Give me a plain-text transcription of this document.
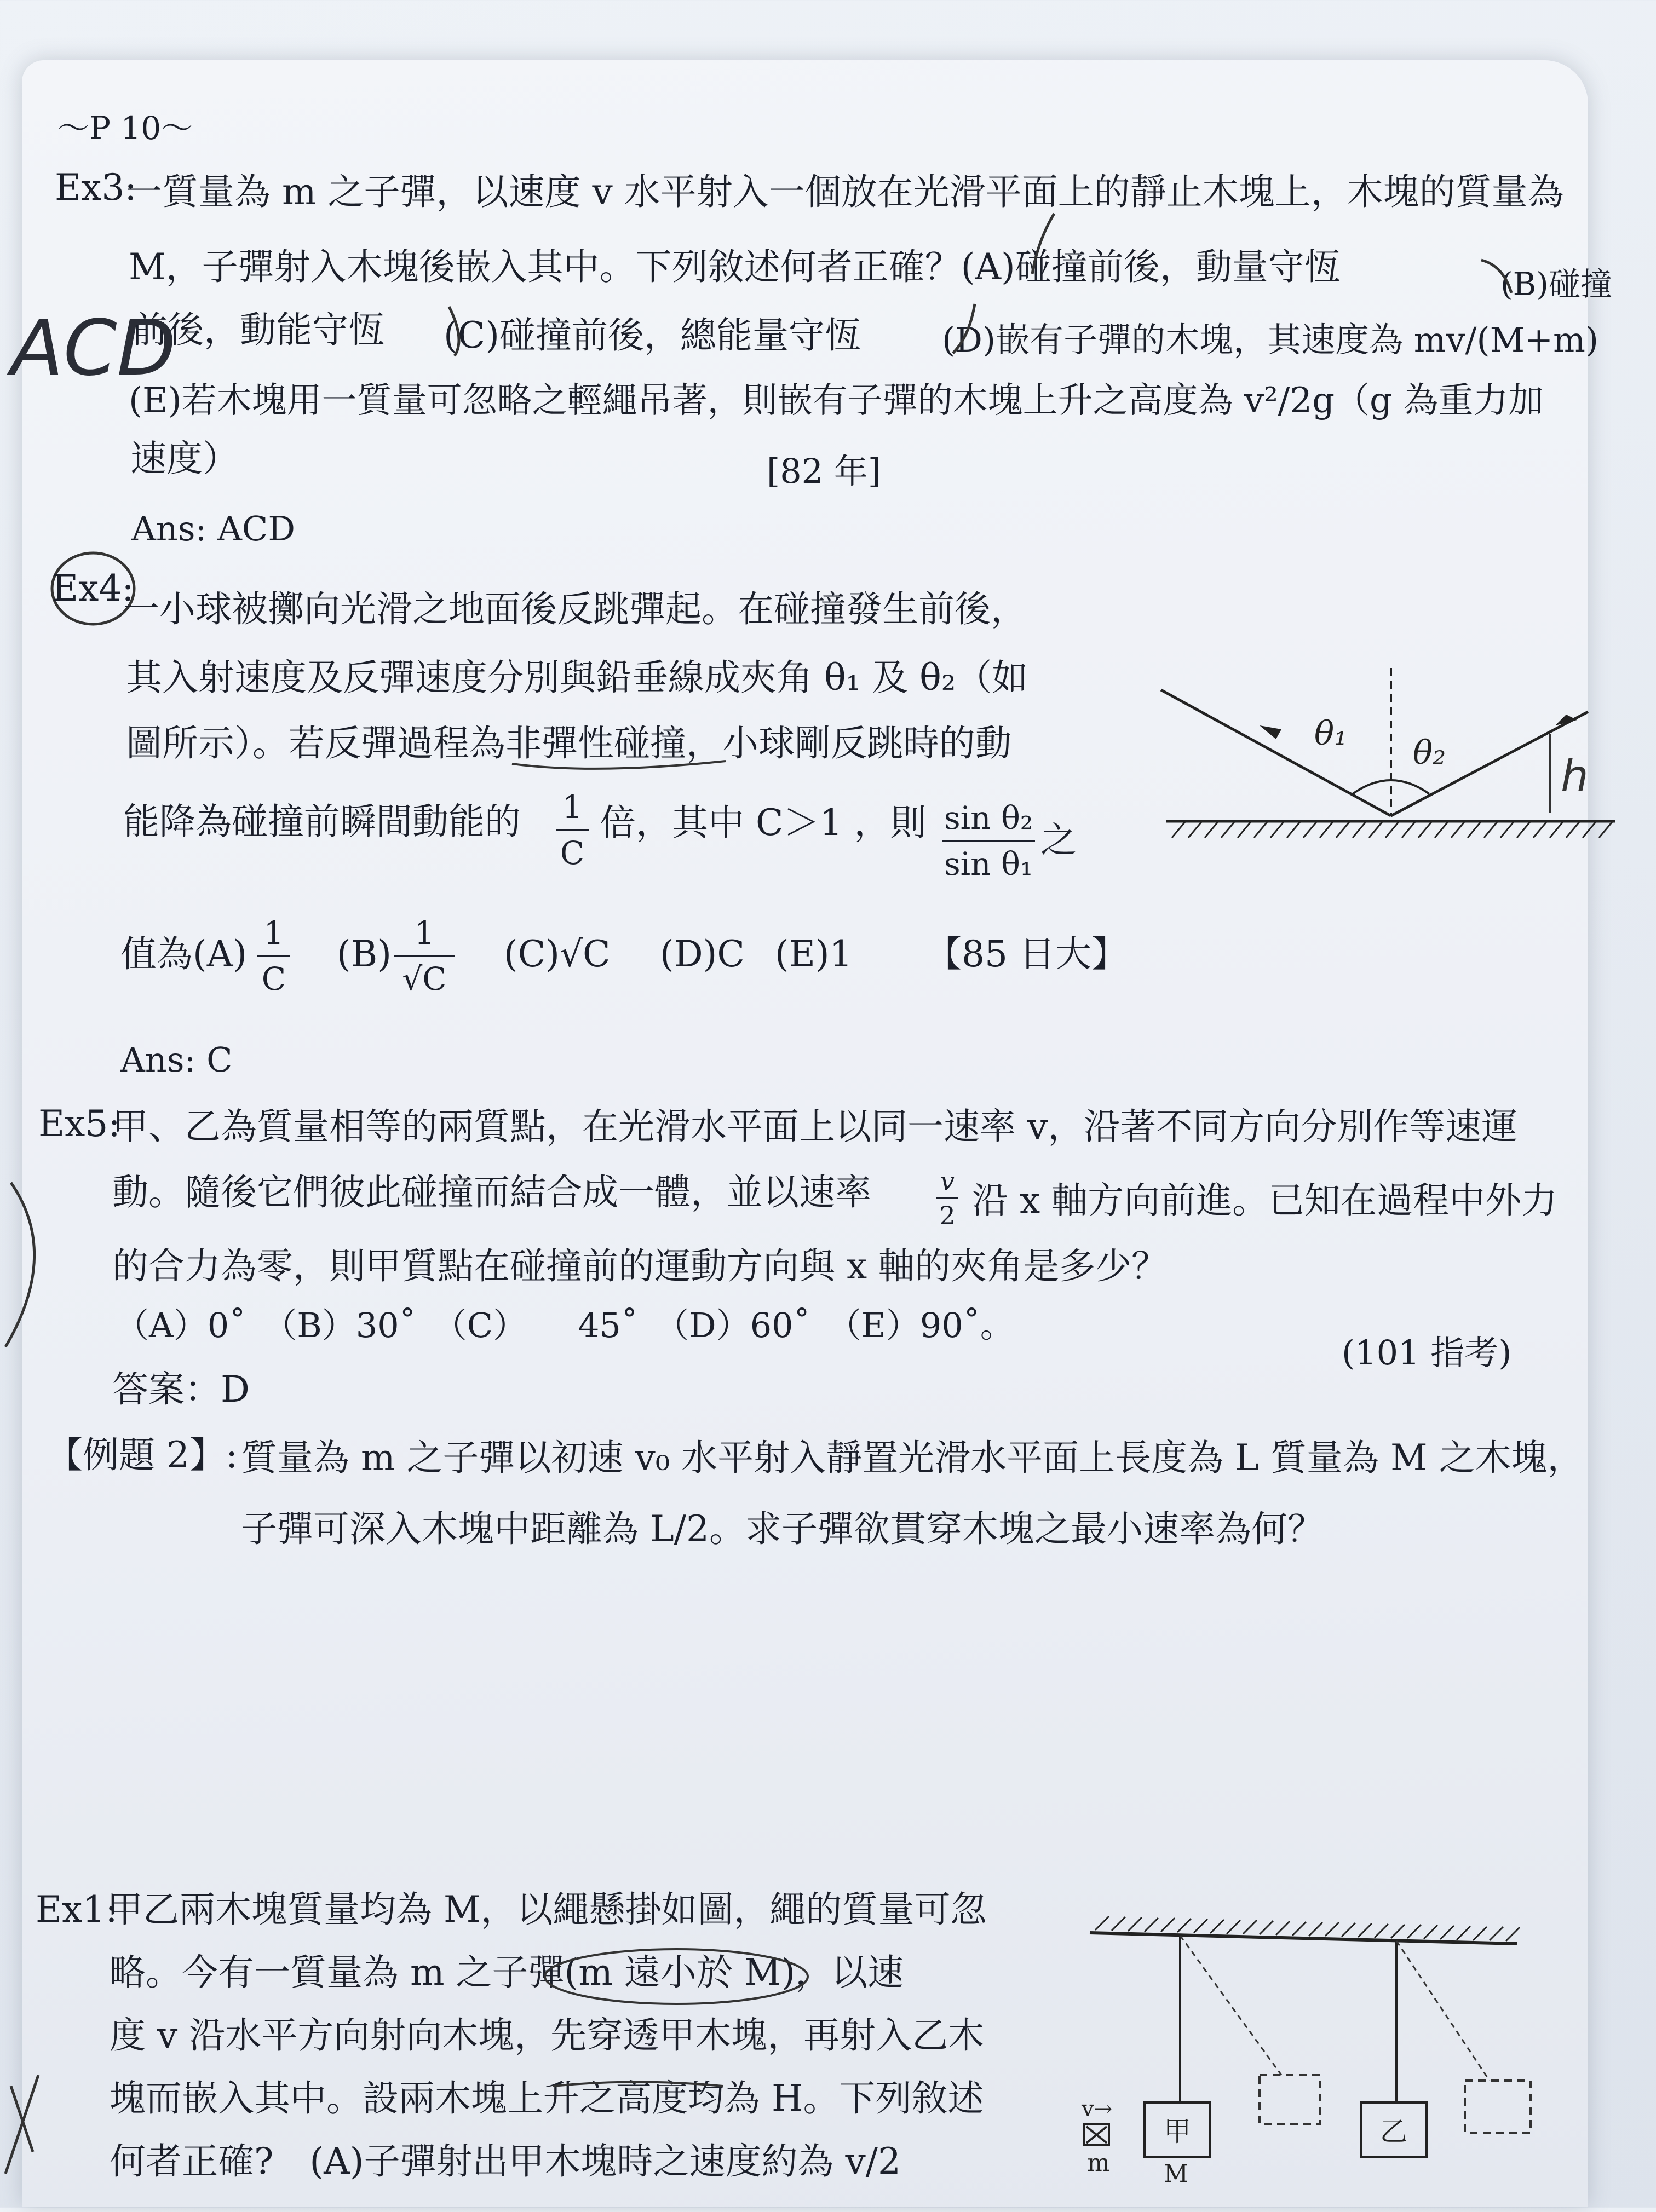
～P 10～
Ex3:
一質量為 m 之子彈，以速度 v 水平射入一個放在光滑平面上的靜止木塊上，木塊的質量為
M，子彈射入木塊後嵌入其中。下列敘述何者正確？(A)碰撞前後，動量守恆	(B)碰撞
前後，動能守恆 (C)碰撞前後，總能量守恆 (D)嵌有子彈的木塊，其速度為 mv/(M+m)
(E)若木塊用一質量可忽略之輕繩吊著，則嵌有子彈的木塊上升之高度為 v²/2g（g 為重力加
速度）	[82 年]
Ans: ACD
ACD
Ex4:
一小球被擲向光滑之地面後反跳彈起。在碰撞發生前後，
其入射速度及反彈速度分別與鉛垂線成夾角 θ₁ 及 θ₂（如
圖所示）。若反彈過程為非彈性碰撞，小球剛反跳時的動
能降為碰撞前瞬間動能的 1
C
倍，其中 C＞1 ，則 sin θ₂
sin θ₁
之
值為(A) 1
C
(B) 1
√C
(C)√C (D)C (E)1 【85 日大】
Ans: C
θ₁ θ₂	h
Ex5:
甲、乙為質量相等的兩質點，在光滑水平面上以同一速率 v，沿著不同方向分別作等速運
動。隨後它們彼此碰撞而結合成一體，並以速率	v
2 沿 x 軸方向前進。已知在過程中外力
的合力為零，則甲質點在碰撞前的運動方向與 x 軸的夾角是多少？
（A）0˚　（B）30˚　（C）　　45˚　（D）60˚　（E）90˚。
(101 指考)
答案：D
【例題 2】: 質量為 m 之子彈以初速 v₀ 水平射入靜置光滑水平面上長度為 L 質量為 M 之木塊，
子彈可深入木塊中距離為 L/2。求子彈欲貫穿木塊之最小速率為何？
Ex1:
甲乙兩木塊質量均為 M，以繩懸掛如圖，繩的質量可忽
略。今有一質量為 m 之子彈(m 遠小於 M)，以速
度 v 沿水平方向射向木塊，先穿透甲木塊，再射入乙木
塊而嵌入其中。設兩木塊上升之高度均為 H。下列敘述
何者正確?　(A)子彈射出甲木塊時之速度約為 v/2
甲	乙
v→
m M
